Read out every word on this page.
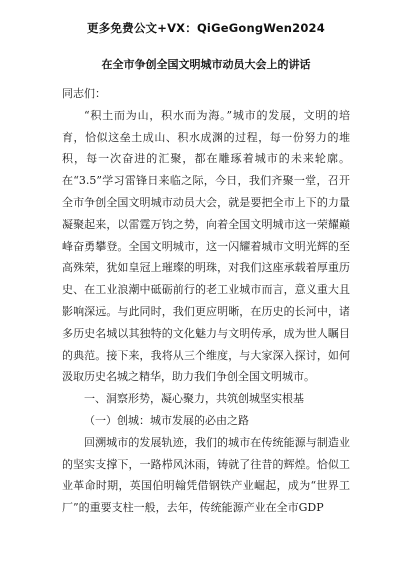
更多免费公文+VX：QiGeGongWen2024
在全市争创全国文明城市动员大会上的讲话

同志们：

“积土而为山，积水而为海。”城市的发展，文明的培育，恰似这垒土成山、积水成渊的过程，每一份努力的堆积，每一次奋进的汇聚，都在雕琢着城市的未来轮廓。在“3.5”学习雷锋日来临之际，今日，我们齐聚一堂，召开全市争创全国文明城市动员大会，就是要把全市上下的力量凝聚起来，以雷霆万钧之势，向着全国文明城市这一荣耀巅峰奋勇攀登。全国文明城市，这一闪耀着城市文明光辉的至高殊荣，犹如皇冠上璀璨的明珠，对我们这座承载着厚重历史、在工业浪潮中砥砺前行的老工业城市而言，意义重大且影响深远。与此同时，我们更应明晰，在历史的长河中，诸多历史名城以其独特的文化魅力与文明传承，成为世人瞩目的典范。接下来，我将从三个维度，与大家深入探讨，如何汲取历史名城之精华，助力我们争创全国文明城市。

一、洞察形势，凝心聚力，共筑创城坚实根基

（一）创城：城市发展的必由之路

回溯城市的发展轨迹，我们的城市在传统能源与制造业的坚实支撑下，一路栉风沐雨，铸就了往昔的辉煌。恰似工业革命时期，英国伯明翰凭借钢铁产业崛起，成为“世界工厂”的重要支柱一般，去年，传统能源产业在全市GDP
